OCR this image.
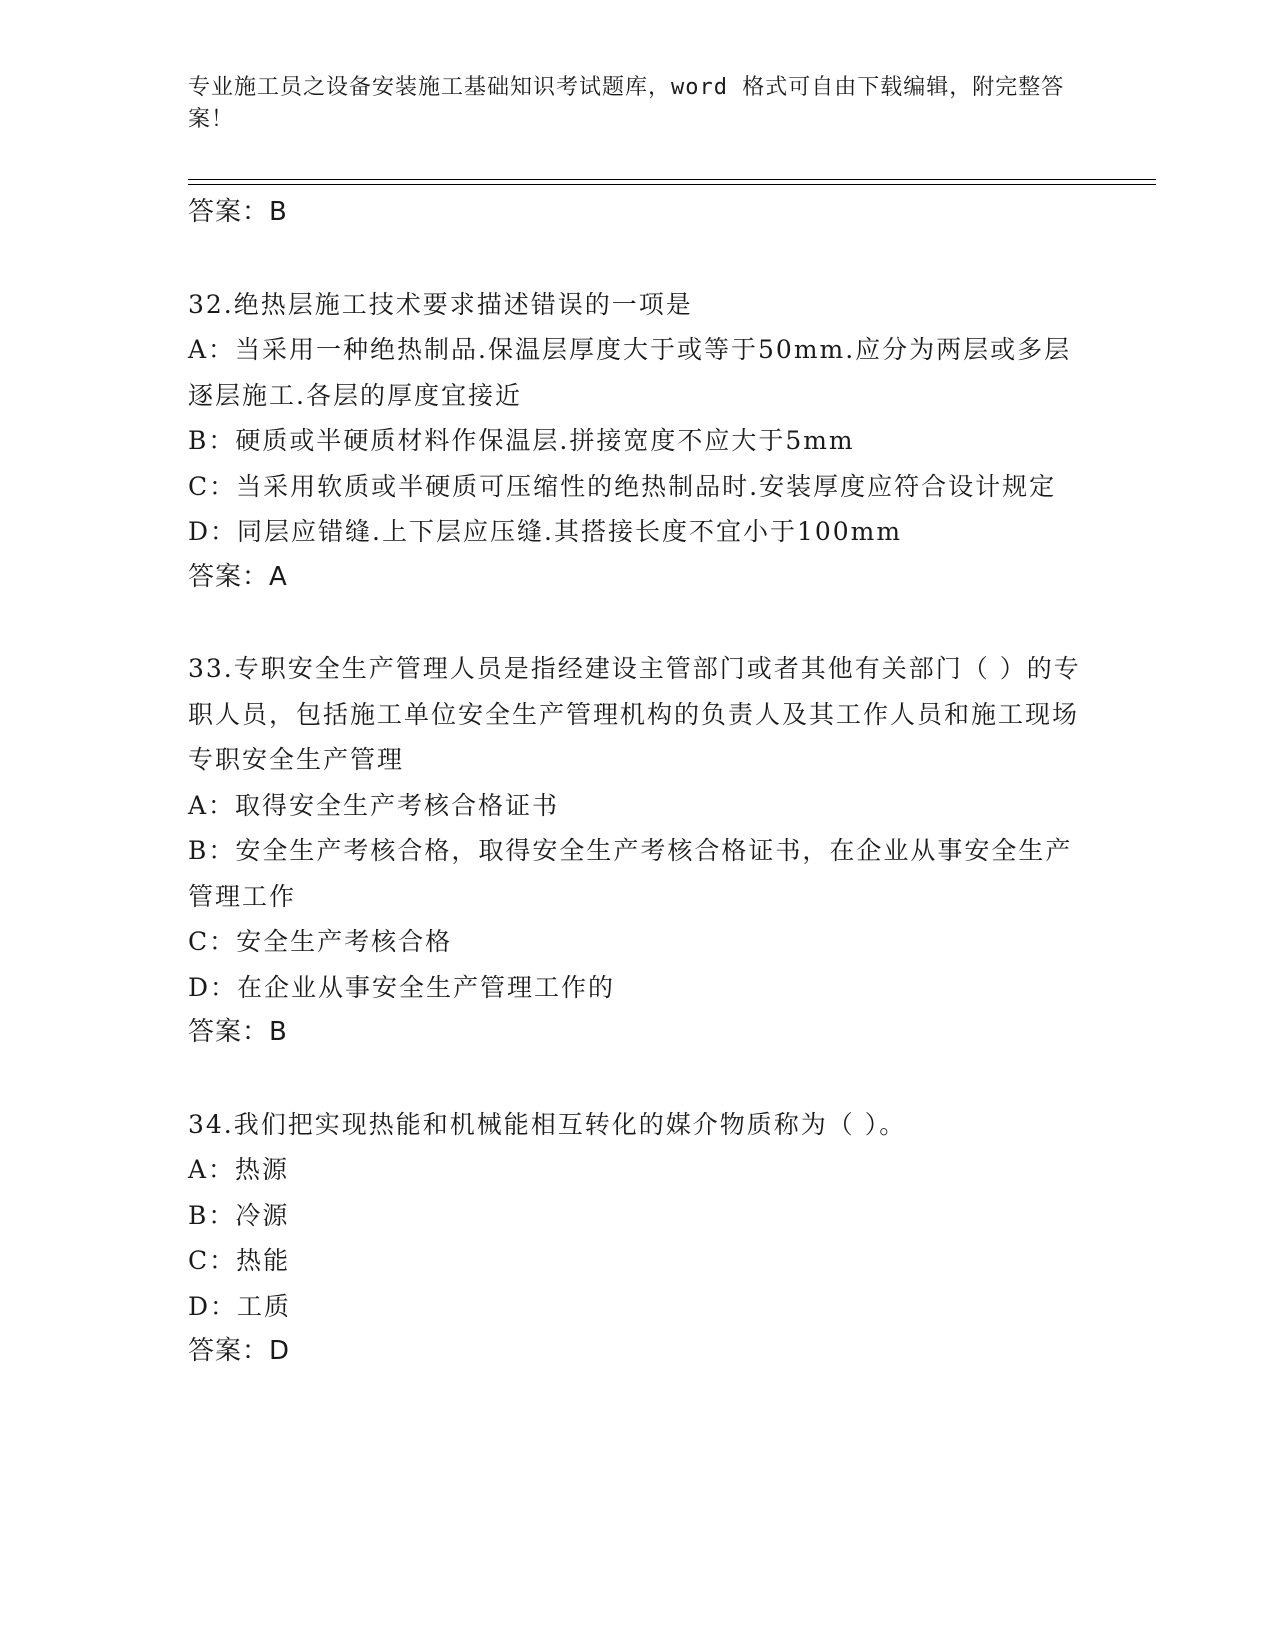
专业施工员之设备安装施工基础知识考试题库，word 格式可自由下载编辑，附完整答案！
答案：B
32.绝热层施工技术要求描述错误的一项是
A：当采用一种绝热制品.保温层厚度大于或等于50mm.应分为两层或多层逐层施工.各层的厚度宜接近
B：硬质或半硬质材料作保温层.拼接宽度不应大于5mm
C：当采用软质或半硬质可压缩性的绝热制品时.安装厚度应符合设计规定
D：同层应错缝.上下层应压缝.其搭接长度不宜小于100mm
答案：A
33.专职安全生产管理人员是指经建设主管部门或者其他有关部门（ ）的专职人员，包括施工单位安全生产管理机构的负责人及其工作人员和施工现场专职安全生产管理
A：取得安全生产考核合格证书
B：安全生产考核合格，取得安全生产考核合格证书，在企业从事安全生产管理工作
C：安全生产考核合格
D：在企业从事安全生产管理工作的
答案：B
34.我们把实现热能和机械能相互转化的媒介物质称为（ ）。
A：热源
B：冷源
C：热能
D：工质
答案：D
